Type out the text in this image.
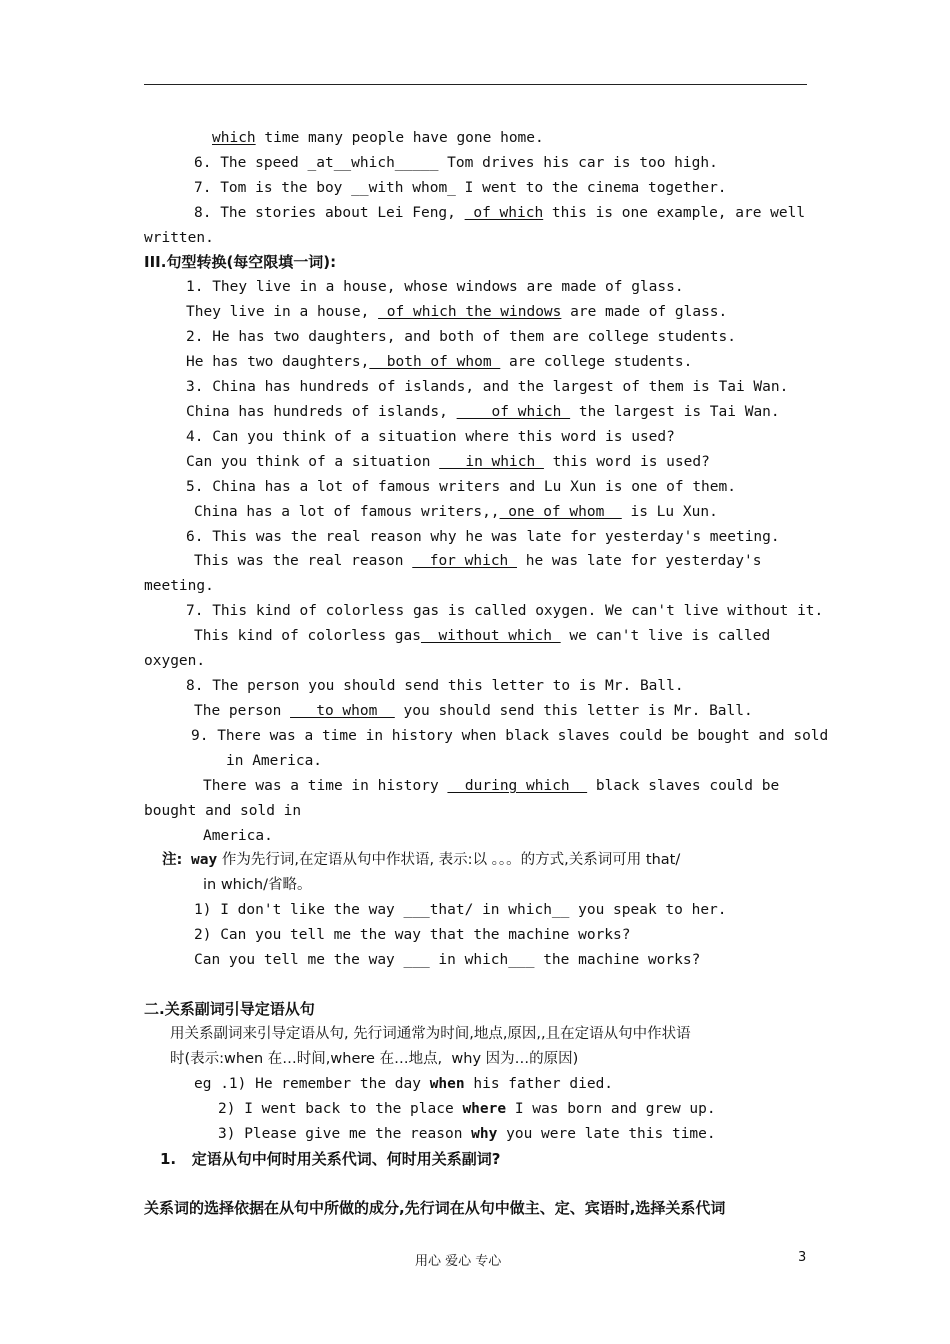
which time many people have gone home.
6. The speed _at__which_____ Tom drives his car is too high.
7. Tom is the boy __with whom_ I went to the cinema together.
8. The stories about Lei Feng,  of which this is one example, are well
written.
III.句型转换(每空限填一词):
1. They live in a house, whose windows are made of glass.
They live in a house,  of which the windows are made of glass.
2. He has two daughters, and both of them are college students.
He has two daughters,  both of whom  are college students.
3. China has hundreds of islands, and the largest of them is Tai Wan.
China has hundreds of islands,     of which  the largest is Tai Wan.
4. Can you think of a situation where this word is used?
Can you think of a situation    in which  this word is used?
5. China has a lot of famous writers and Lu Xun is one of them.
China has a lot of famous writers,, one of whom   is Lu Xun.
6. This was the real reason why he was late for yesterday's meeting.
This was the real reason   for which  he was late for yesterday's
meeting.
7. This kind of colorless gas is called oxygen. We can't live without it.
This kind of colorless gas  without which  we can't live is called
oxygen.
8. The person you should send this letter to is Mr. Ball.
The person    to whom   you should send this letter is Mr. Ball.
9. There was a time in history when black slaves could be bought and sold
in America.
There was a time in history   during which   black slaves could be
bought and sold in
America.
注: way 作为先行词,在定语从句中作状语, 表示:以 。。。的方式,关系词可用 that/
in which/省略。
1) I don't like the way ___that/ in which__ you speak to her.
2) Can you tell me the way that the machine works?
Can you tell me the way ___ in which___ the machine works?
二.关系副词引导定语从句
用关系副词来引导定语从句, 先行词通常为时间,地点,原因,,且在定语从句中作状语
时(表示:when 在…时间,where 在…地点,  why 因为…的原因)
eg .1) He remember the day when his father died.
2) I went back to the place where I was born and grew up.
3) Please give me the reason why you were late this time.
1.   定语从句中何时用关系代词、何时用关系副词?
关系词的选择依据在从句中所做的成分,先行词在从句中做主、定、宾语时,选择关系代词
用心 爱心 专心	3
